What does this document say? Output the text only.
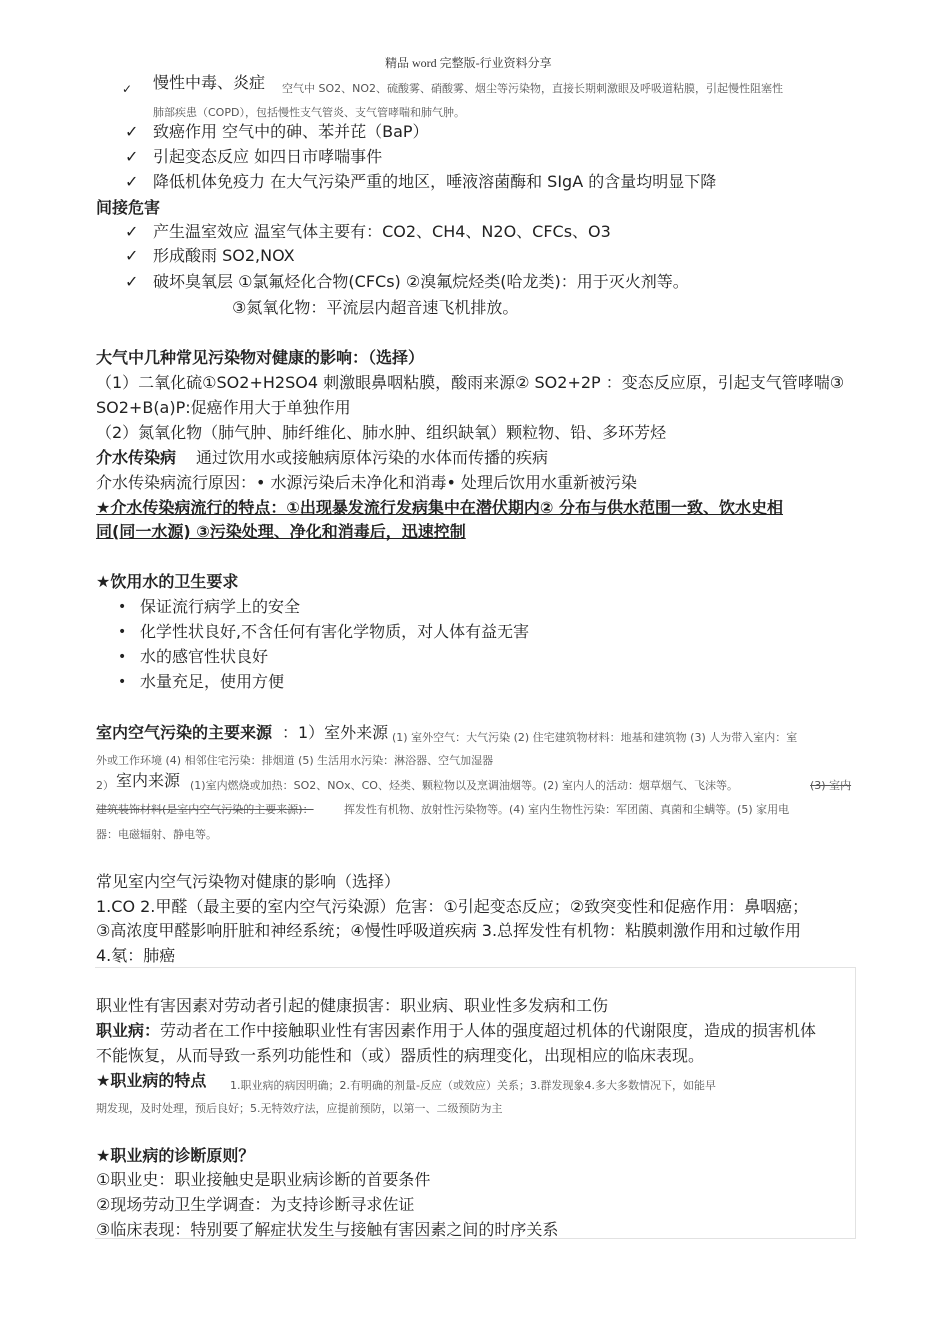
精品 word 完整版-行业资料分享
✓ 慢性中毒、炎症 空气中 SO2、NO2、硫酸雾、硝酸雾、烟尘等污染物，直接长期刺激眼及呼吸道粘膜，引起慢性阻塞性
肺部疾患（COPD），包括慢性支气管炎、支气管哮喘和肺气肿。
✓ 致癌作用 空气中的砷、苯并芘（BaP）
✓ 引起变态反应 如四日市哮喘事件
✓ 降低机体免疫力 在大气污染严重的地区，唾液溶菌酶和 SIgA 的含量均明显下降
间接危害
✓ 产生温室效应 温室气体主要有：CO2、CH4、N2O、CFCs、O3
✓ 形成酸雨 SO2,NOX
✓ 破坏臭氧层 ①氯氟烃化合物(CFCs) ②溴氟烷烃类(哈龙类)：用于灭火剂等。
③氮氧化物：平流层内超音速飞机排放。
大气中几种常见污染物对健康的影响：（选择）
（1）二氧化硫①SO2+H2SO4 刺激眼鼻咽粘膜，酸雨来源② SO2+2P ：变态反应原，引起支气管哮喘③
SO2+B(a)P:促癌作用大于单独作用
（2）氮氧化物（肺气肿、肺纤维化、肺水肿、组织缺氧）颗粒物、铅、多环芳烃
介水传染病 通过饮用水或接触病原体污染的水体而传播的疾病
介水传染病流行原因：• 水源污染后未净化和消毒• 处理后饮用水重新被污染
★介水传染病流行的特点：①出现暴发流行发病集中在潜伏期内② 分布与供水范围一致、饮水史相
同(同一水源) ③污染处理、净化和消毒后，迅速控制
★饮用水的卫生要求
• 保证流行病学上的安全
• 化学性状良好,不含任何有害化学物质，对人体有益无害
• 水的感官性状良好
• 水量充足，使用方便
室内空气污染的主要来源 ：1）室外来源 (1) 室外空气：大气污染 (2) 住宅建筑物材料：地基和建筑物 (3) 人为带入室内：室
外或工作环境 (4) 相邻住宅污染：排烟道 (5) 生活用水污染：淋浴器、空气加湿器
2） 室内来源 (1)室内燃烧或加热：SO2、NOx、CO、烃类、颗粒物以及烹调油烟等。(2) 室内人的活动：烟草烟气、飞沫等。	(3) 室内
建筑装饰材料(是室内空气污染的主要来源)：	挥发性有机物、放射性污染物等。(4) 室内生物性污染：军团菌、真菌和尘螨等。(5) 家用电
器：电磁辐射、静电等。
常见室内空气污染物对健康的影响（选择）
1.CO 2.甲醛（最主要的室内空气污染源）危害：①引起变态反应；②致突变性和促癌作用：鼻咽癌；
③高浓度甲醛影响肝脏和神经系统；④慢性呼吸道疾病 3.总挥发性有机物：粘膜刺激作用和过敏作用
4.氡：肺癌
职业性有害因素对劳动者引起的健康损害：职业病、职业性多发病和工伤
职业病： 劳动者在工作中接触职业性有害因素作用于人体的强度超过机体的代谢限度，造成的损害机体
不能恢复，从而导致一系列功能性和（或）器质性的病理变化，出现相应的临床表现。
★职业病的特点 1.职业病的病因明确；2.有明确的剂量-反应（或效应）关系；3.群发现象4.多大多数情况下，如能早
期发现，及时处理，预后良好；5.无特效疗法，应提前预防，以第一、二级预防为主
★职业病的诊断原则？
①职业史：职业接触史是职业病诊断的首要条件
②现场劳动卫生学调查：为支持诊断寻求佐证
③临床表现：特别要了解症状发生与接触有害因素之间的时序关系
